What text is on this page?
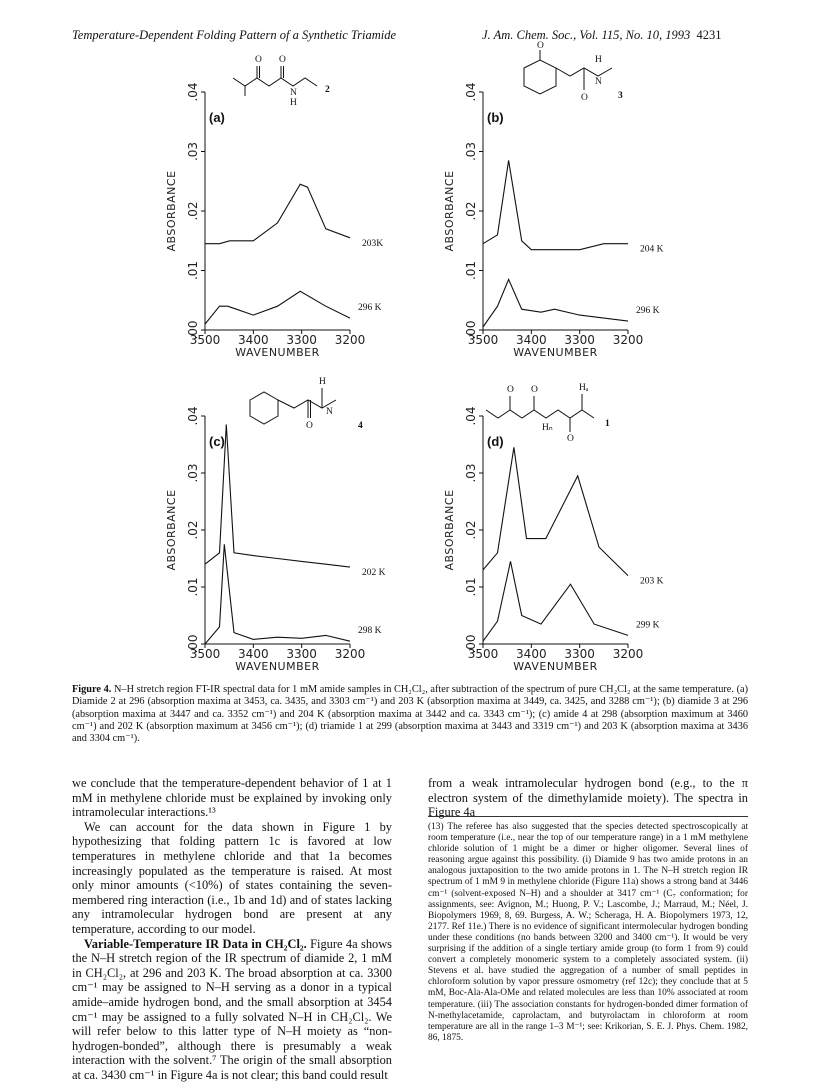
Temperature-Dependent Folding Pattern of a Synthetic Triamide	J. Am. Chem. Soc., Vol. 115, No. 10, 1993 4231
O O
N
H
2
O
O
N
H
3
O
H
N
4
O O
O
Hₙ
Hₐ
1
.00
.01
.02
.03
.04
3500 3400 3300 3200
ABSORBANCE
WAVENUMBER
(a)
203K
296 K
.00
.01
.02
.03
.04
3500 3400 3300 3200
ABSORBANCE
WAVENUMBER
(b)
204 K
296 K
.00
.01
.02
.03
.04
3500 3400 3300 3200
ABSORBANCE
WAVENUMBER
(c)
202 K
298 K
.00
.01
.02
.03
.04
3500 3400 3300 3200
ABSORBANCE
WAVENUMBER
(d)
203 K
299 K
Figure 4. N–H stretch region FT-IR spectral data for 1 mM amide samples in CH₂Cl₂, after subtraction of the spectrum of pure CH₂Cl₂ at the same temperature. (a) Diamide 2 at 296 (absorption maxima at 3453, ca. 3435, and 3303 cm⁻¹) and 203 K (absorption maxima at 3449, ca. 3425, and 3288 cm⁻¹); (b) diamide 3 at 296 (absorption maxima at 3447 and ca. 3352 cm⁻¹) and 204 K (absorption maxima at 3442 and ca. 3343 cm⁻¹); (c) amide 4 at 298 (absorption maximum at 3460 cm⁻¹) and 202 K (absorption maximum at 3456 cm⁻¹); (d) triamide 1 at 299 (absorption maxima at 3443 and 3319 cm⁻¹) and 203 K (absorption maxima at 3436 and 3304 cm⁻¹).

we conclude that the temperature-dependent behavior of 1 at 1 mM in methylene chloride must be explained by invoking only intramolecular interactions.¹³

We can account for the data shown in Figure 1 by hypothesizing that folding pattern 1c is favored at low temperatures in methylene chloride and that 1a becomes increasingly populated as the temperature is raised. At most only minor amounts (<10%) of states containing the seven-membered ring interaction (i.e., 1b and 1d) and of states lacking any intramolecular hydrogen bond are present at any temperature, according to our model.

Variable-Temperature IR Data in CH₂Cl₂. Figure 4a shows the N–H stretch region of the IR spectrum of diamide 2, 1 mM in CH₂Cl₂, at 296 and 203 K. The broad absorption at ca. 3300 cm⁻¹ may be assigned to N–H serving as a donor in a typical amide–amide hydrogen bond, and the small absorption at 3454 cm⁻¹ may be assigned to a fully solvated N–H in CH₂Cl₂. We will refer below to this latter type of N–H moiety as “non-hydrogen-bonded”, although there is presumably a weak interaction with the solvent.⁷ The origin of the small absorption at ca. 3430 cm⁻¹ in Figure 4a is not clear; this band could result

from a weak intramolecular hydrogen bond (e.g., to the π electron system of the dimethylamide moiety). The spectra in Figure 4a

(13) The referee has also suggested that the species detected spectroscopically at room temperature (i.e., near the top of our temperature range) in a 1 mM methylene chloride solution of 1 might be a dimer or higher oligomer. Several lines of reasoning argue against this possibility. (i) Diamide 9 has two amide protons in an analogous juxtaposition to the two amide protons in 1. The N–H stretch region IR spectrum of 1 mM 9 in methylene chloride (Figure 11a) shows a strong band at 3446 cm⁻¹ (solvent-exposed N–H) and a shoulder at 3417 cm⁻¹ (C₇ conformation; for assignments, see: Avignon, M.; Huong, P. V.; Lascombe, J.; Marraud, M.; Néel, J. Biopolymers 1969, 8, 69. Burgess, A. W.; Scheraga, H. A. Biopolymers 1973, 12, 2177. Ref 11e.) There is no evidence of significant intermolecular hydrogen bonding under these conditions (no bands between 3200 and 3400 cm⁻¹). It would be very surprising if the addition of a single tertiary amide group (to form 1 from 9) could convert a completely monomeric system to a completely associated system. (ii) Stevens et al. have studied the aggregation of a number of small peptides in chloroform solution by vapor pressure osmometry (ref 12c); they conclude that at 5 mM, Boc-Ala-Ala-OMe and related molecules are less than 10% associated at room temperature. (iii) The association constants for hydrogen-bonded dimer formation of N-methylacetamide, caprolactam, and butyrolactam in chloroform at room temperature are all in the range 1–3 M⁻¹; see: Krikorian, S. E. J. Phys. Chem. 1982, 86, 1875.
